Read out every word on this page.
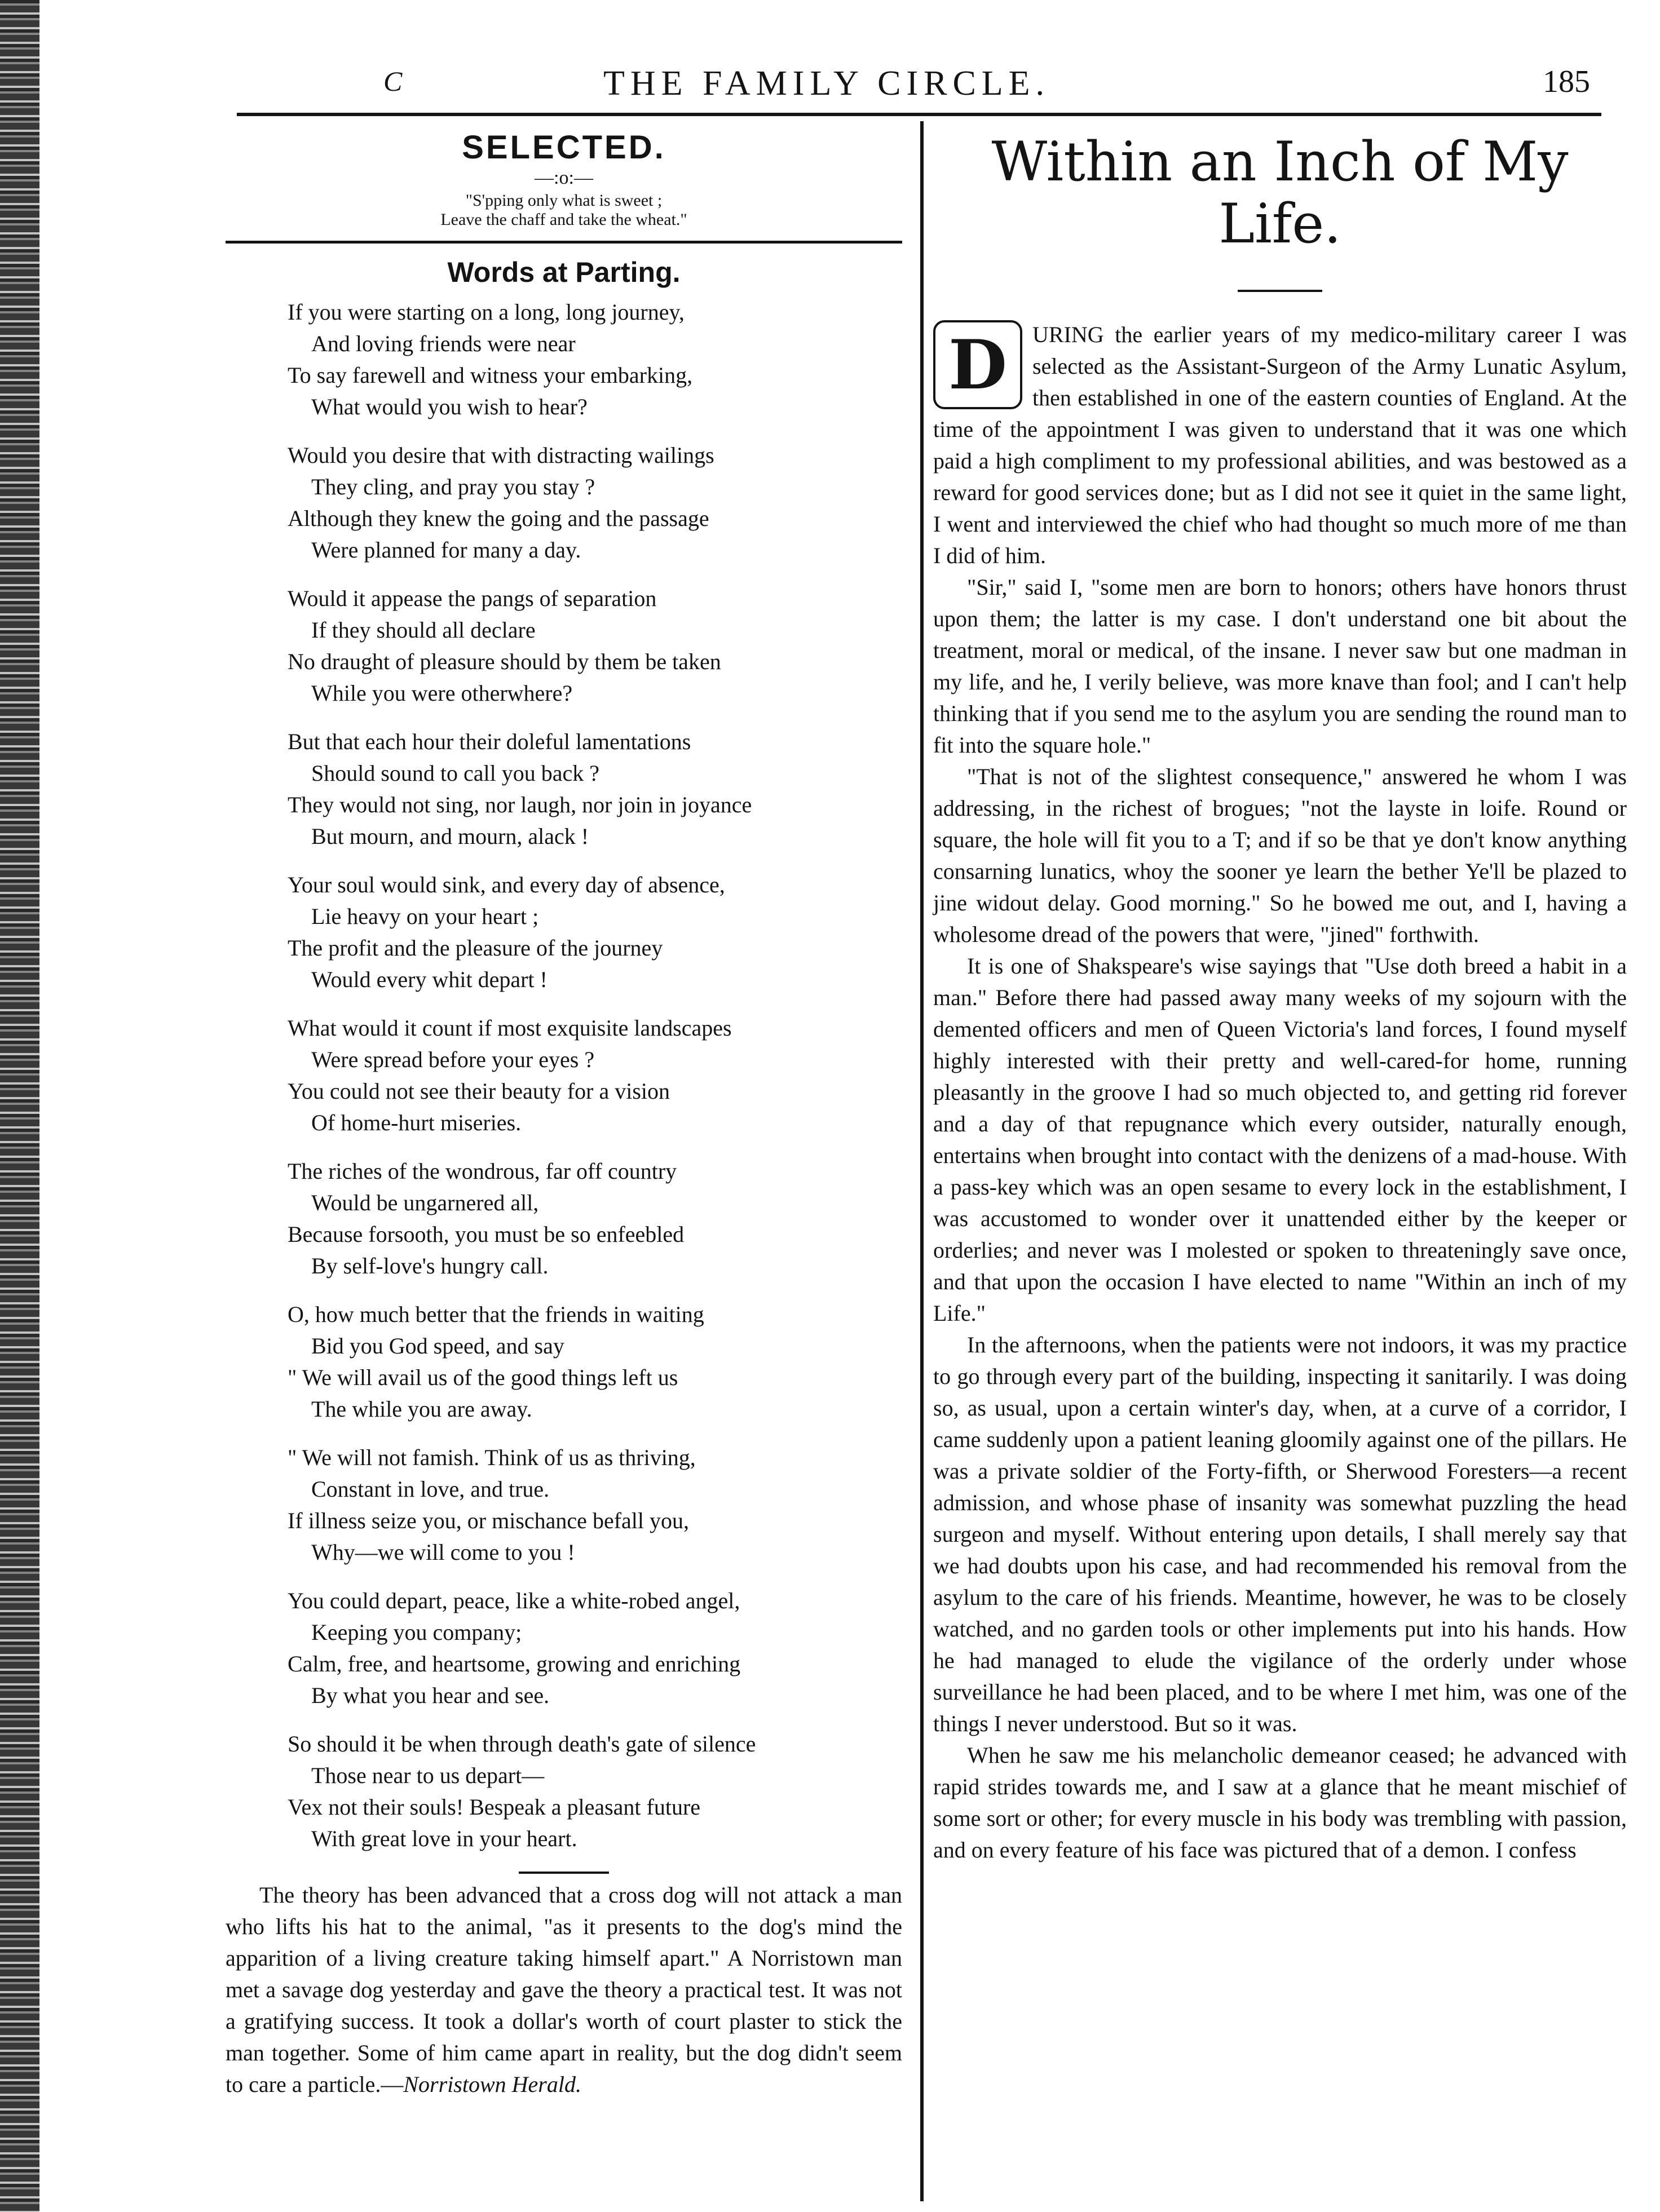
C	THE FAMILY CIRCLE.	185
SELECTED.
—:o:—
"S'pping only what is sweet ;
Leave the chaff and take the wheat."
Words at Parting.
If you were starting on a long, long journey,
And loving friends were near
To say farewell and witness your embarking,
What would you wish to hear?
Would you desire that with distracting wailings
They cling, and pray you stay ?
Although they knew the going and the passage
Were planned for many a day.
Would it appease the pangs of separation
If they should all declare
No draught of pleasure should by them be taken
While you were otherwhere?
But that each hour their doleful lamentations
Should sound to call you back ?
They would not sing, nor laugh, nor join in joyance
But mourn, and mourn, alack !
Your soul would sink, and every day of absence,
Lie heavy on your heart ;
The profit and the pleasure of the journey
Would every whit depart !
What would it count if most exquisite landscapes
Were spread before your eyes ?
You could not see their beauty for a vision
Of home-hurt miseries.
The riches of the wondrous, far off country
Would be ungarnered all,
Because forsooth, you must be so enfeebled
By self-love's hungry call.
O, how much better that the friends in waiting
Bid you God speed, and say
" We will avail us of the good things left us
The while you are away.
" We will not famish. Think of us as thriving,
Constant in love, and true.
If illness seize you, or mischance befall you,
Why—we will come to you !
You could depart, peace, like a white-robed angel,
Keeping you company;
Calm, free, and heartsome, growing and enriching
By what you hear and see.
So should it be when through death's gate of silence
Those near to us depart—
Vex not their souls! Bespeak a pleasant future
With great love in your heart.

The theory has been advanced that a cross dog will not attack a man who lifts his hat to the animal, "as it presents to the dog's mind the apparition of a living creature taking himself apart." A Norristown man met a savage dog yesterday and gave the theory a practical test. It was not a gratifying success. It took a dollar's worth of court plaster to stick the man together. Some of him came apart in reality, but the dog didn't seem to care a particle.—Norristown Herald.

Within an Inch of My Life.
D	URING the earlier years of my medico-military career I was selected as the Assistant-Surgeon of the Army Lunatic Asylum, then established in one of the eastern counties of England. At the time of the appointment I was given to understand that it was one which paid a high compliment to my professional abilities, and was bestowed as a reward for good services done; but as I did not see it quiet in the same light, I went and interviewed the chief who had thought so much more of me than I did of him.

"Sir," said I, "some men are born to honors; others have honors thrust upon them; the latter is my case. I don't understand one bit about the treatment, moral or medical, of the insane. I never saw but one madman in my life, and he, I verily believe, was more knave than fool; and I can't help thinking that if you send me to the asylum you are sending the round man to fit into the square hole."

"That is not of the slightest consequence," answered he whom I was addressing, in the richest of brogues; "not the layste in loife. Round or square, the hole will fit you to a T; and if so be that ye don't know anything consarning lunatics, whoy the sooner ye learn the bether Ye'll be plazed to jine widout delay. Good morning." So he bowed me out, and I, having a wholesome dread of the powers that were, "jined" forthwith.

It is one of Shakspeare's wise sayings that "Use doth breed a habit in a man." Before there had passed away many weeks of my sojourn with the demented officers and men of Queen Victoria's land forces, I found myself highly interested with their pretty and well-cared-for home, running pleasantly in the groove I had so much objected to, and getting rid forever and a day of that repugnance which every outsider, naturally enough, entertains when brought into contact with the denizens of a mad-house. With a pass-key which was an open sesame to every lock in the establishment, I was accustomed to wonder over it unattended either by the keeper or orderlies; and never was I molested or spoken to threateningly save once, and that upon the occasion I have elected to name "Within an inch of my Life."

In the afternoons, when the patients were not indoors, it was my practice to go through every part of the building, inspecting it sanitarily. I was doing so, as usual, upon a certain winter's day, when, at a curve of a corridor, I came suddenly upon a patient leaning gloomily against one of the pillars. He was a private soldier of the Forty-fifth, or Sherwood Foresters—a recent admission, and whose phase of insanity was somewhat puzzling the head surgeon and myself. Without entering upon details, I shall merely say that we had doubts upon his case, and had recommended his removal from the asylum to the care of his friends. Meantime, however, he was to be closely watched, and no garden tools or other implements put into his hands. How he had managed to elude the vigilance of the orderly under whose surveillance he had been placed, and to be where I met him, was one of the things I never understood. But so it was.

When he saw me his melancholic demeanor ceased; he advanced with rapid strides towards me, and I saw at a glance that he meant mischief of some sort or other; for every muscle in his body was trembling with passion, and on every feature of his face was pictured that of a demon. I confess
